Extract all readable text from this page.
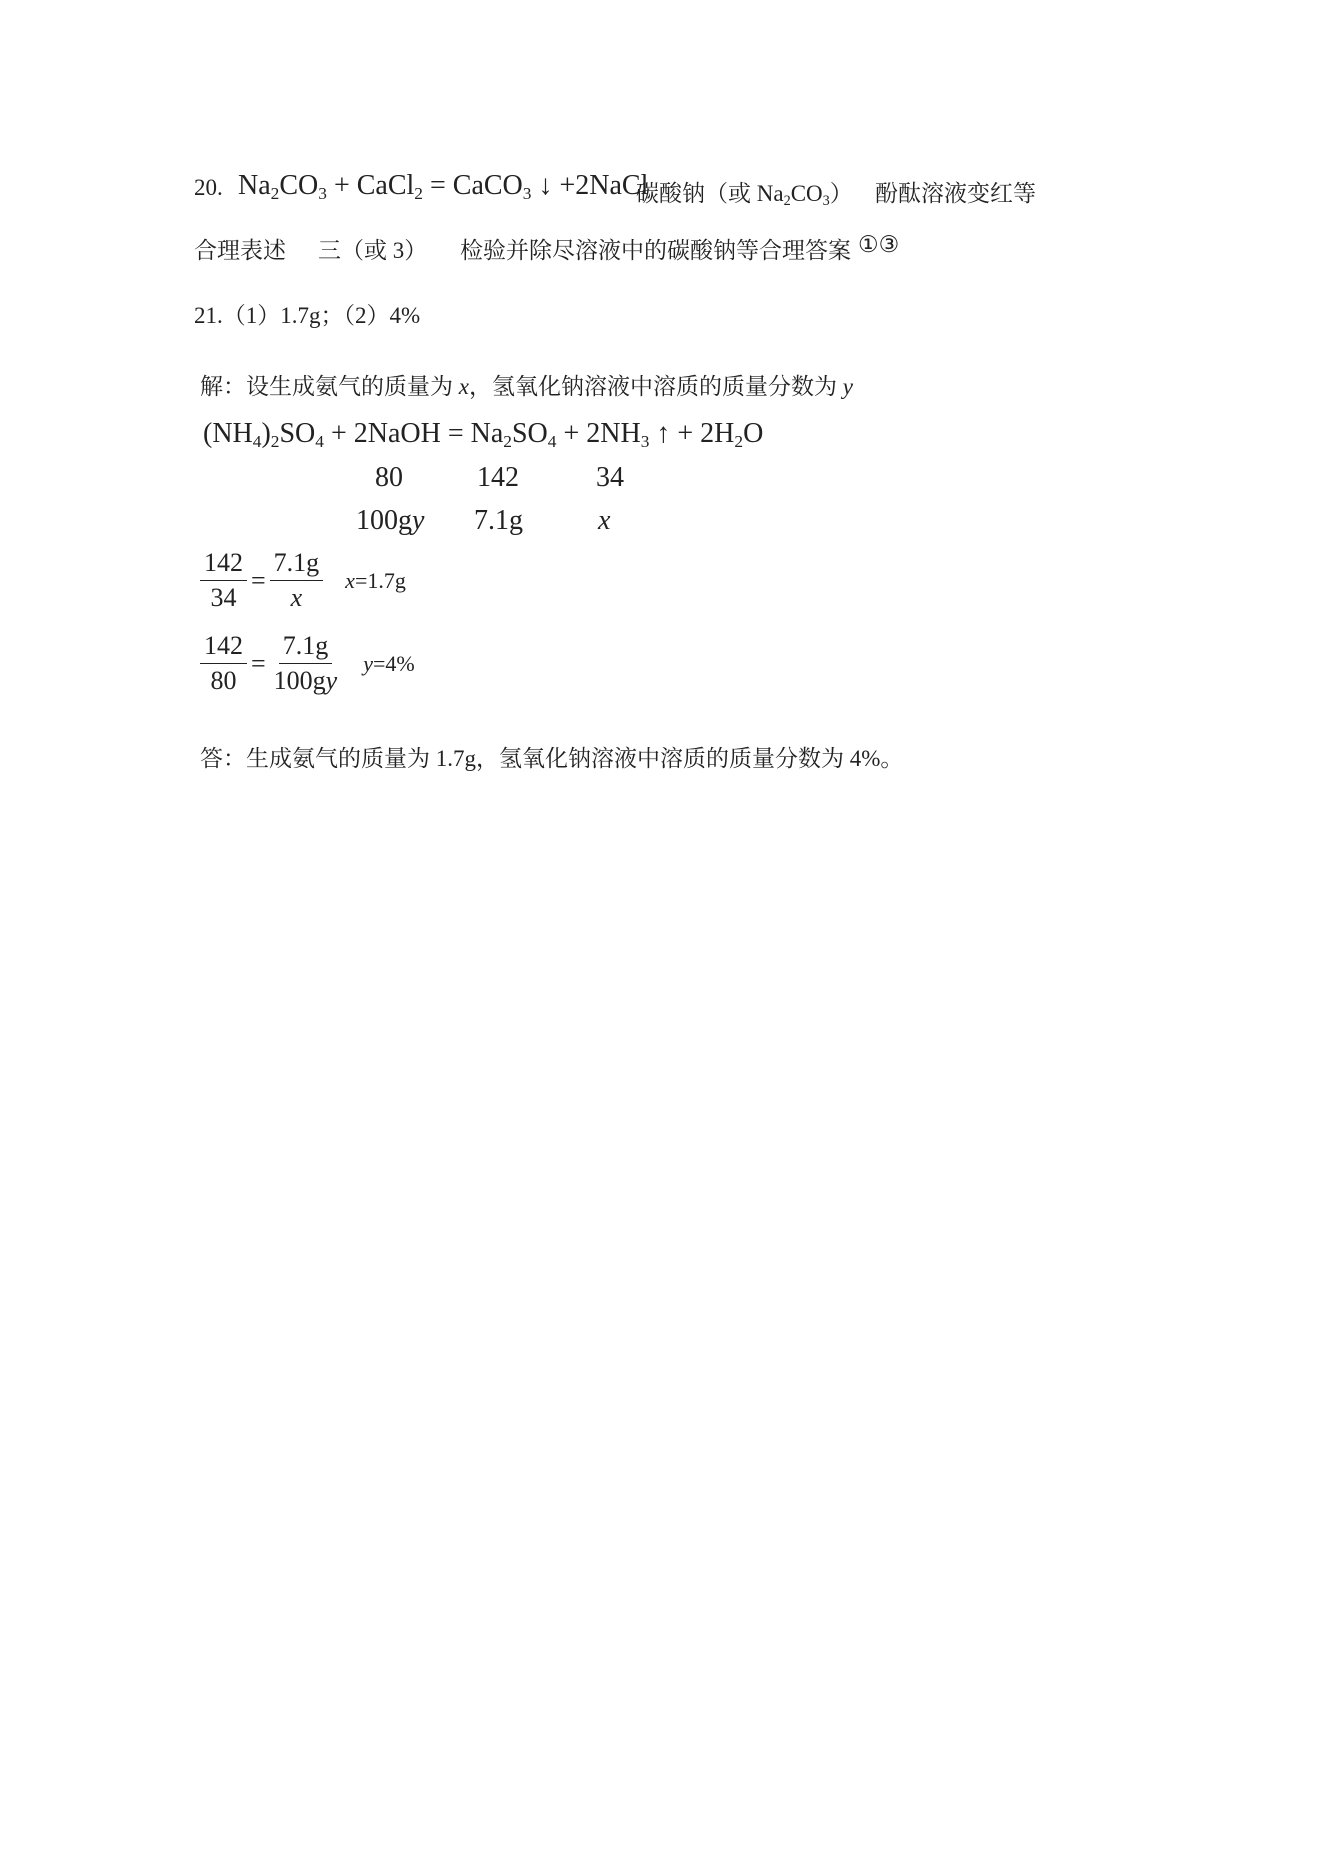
20. $Na_2CO_3$ + CaCl$_2$ = CaCO$_3$ ↓ +2NaCl
碳酸钠（或 $Na_2CO_3$） 酚酞溶液变红等
合理表述 三（或 3） 检验并除尽溶液中的碳酸钠等合理答案 ①③
21.（1）1.7g；（2）4%
解：设生成氨气的质量为 x，氢氧化钠溶液中溶质的质量分数为 y
$(NH_4)_2SO_4$ + 2NaOH = $Na_2SO_4 + 2NH_3$ ↑ + $2H_2O$
80	142	34
100gy 7.1g	x
$\frac{142}{34} = \frac{7.1g}{x} x=1.7g$
$\frac{142}{80} = \frac{7.1g}{100gy} y=4\%$
答：生成氨气的质量为 1.7g，氢氧化钠溶液中溶质的质量分数为 4%。
